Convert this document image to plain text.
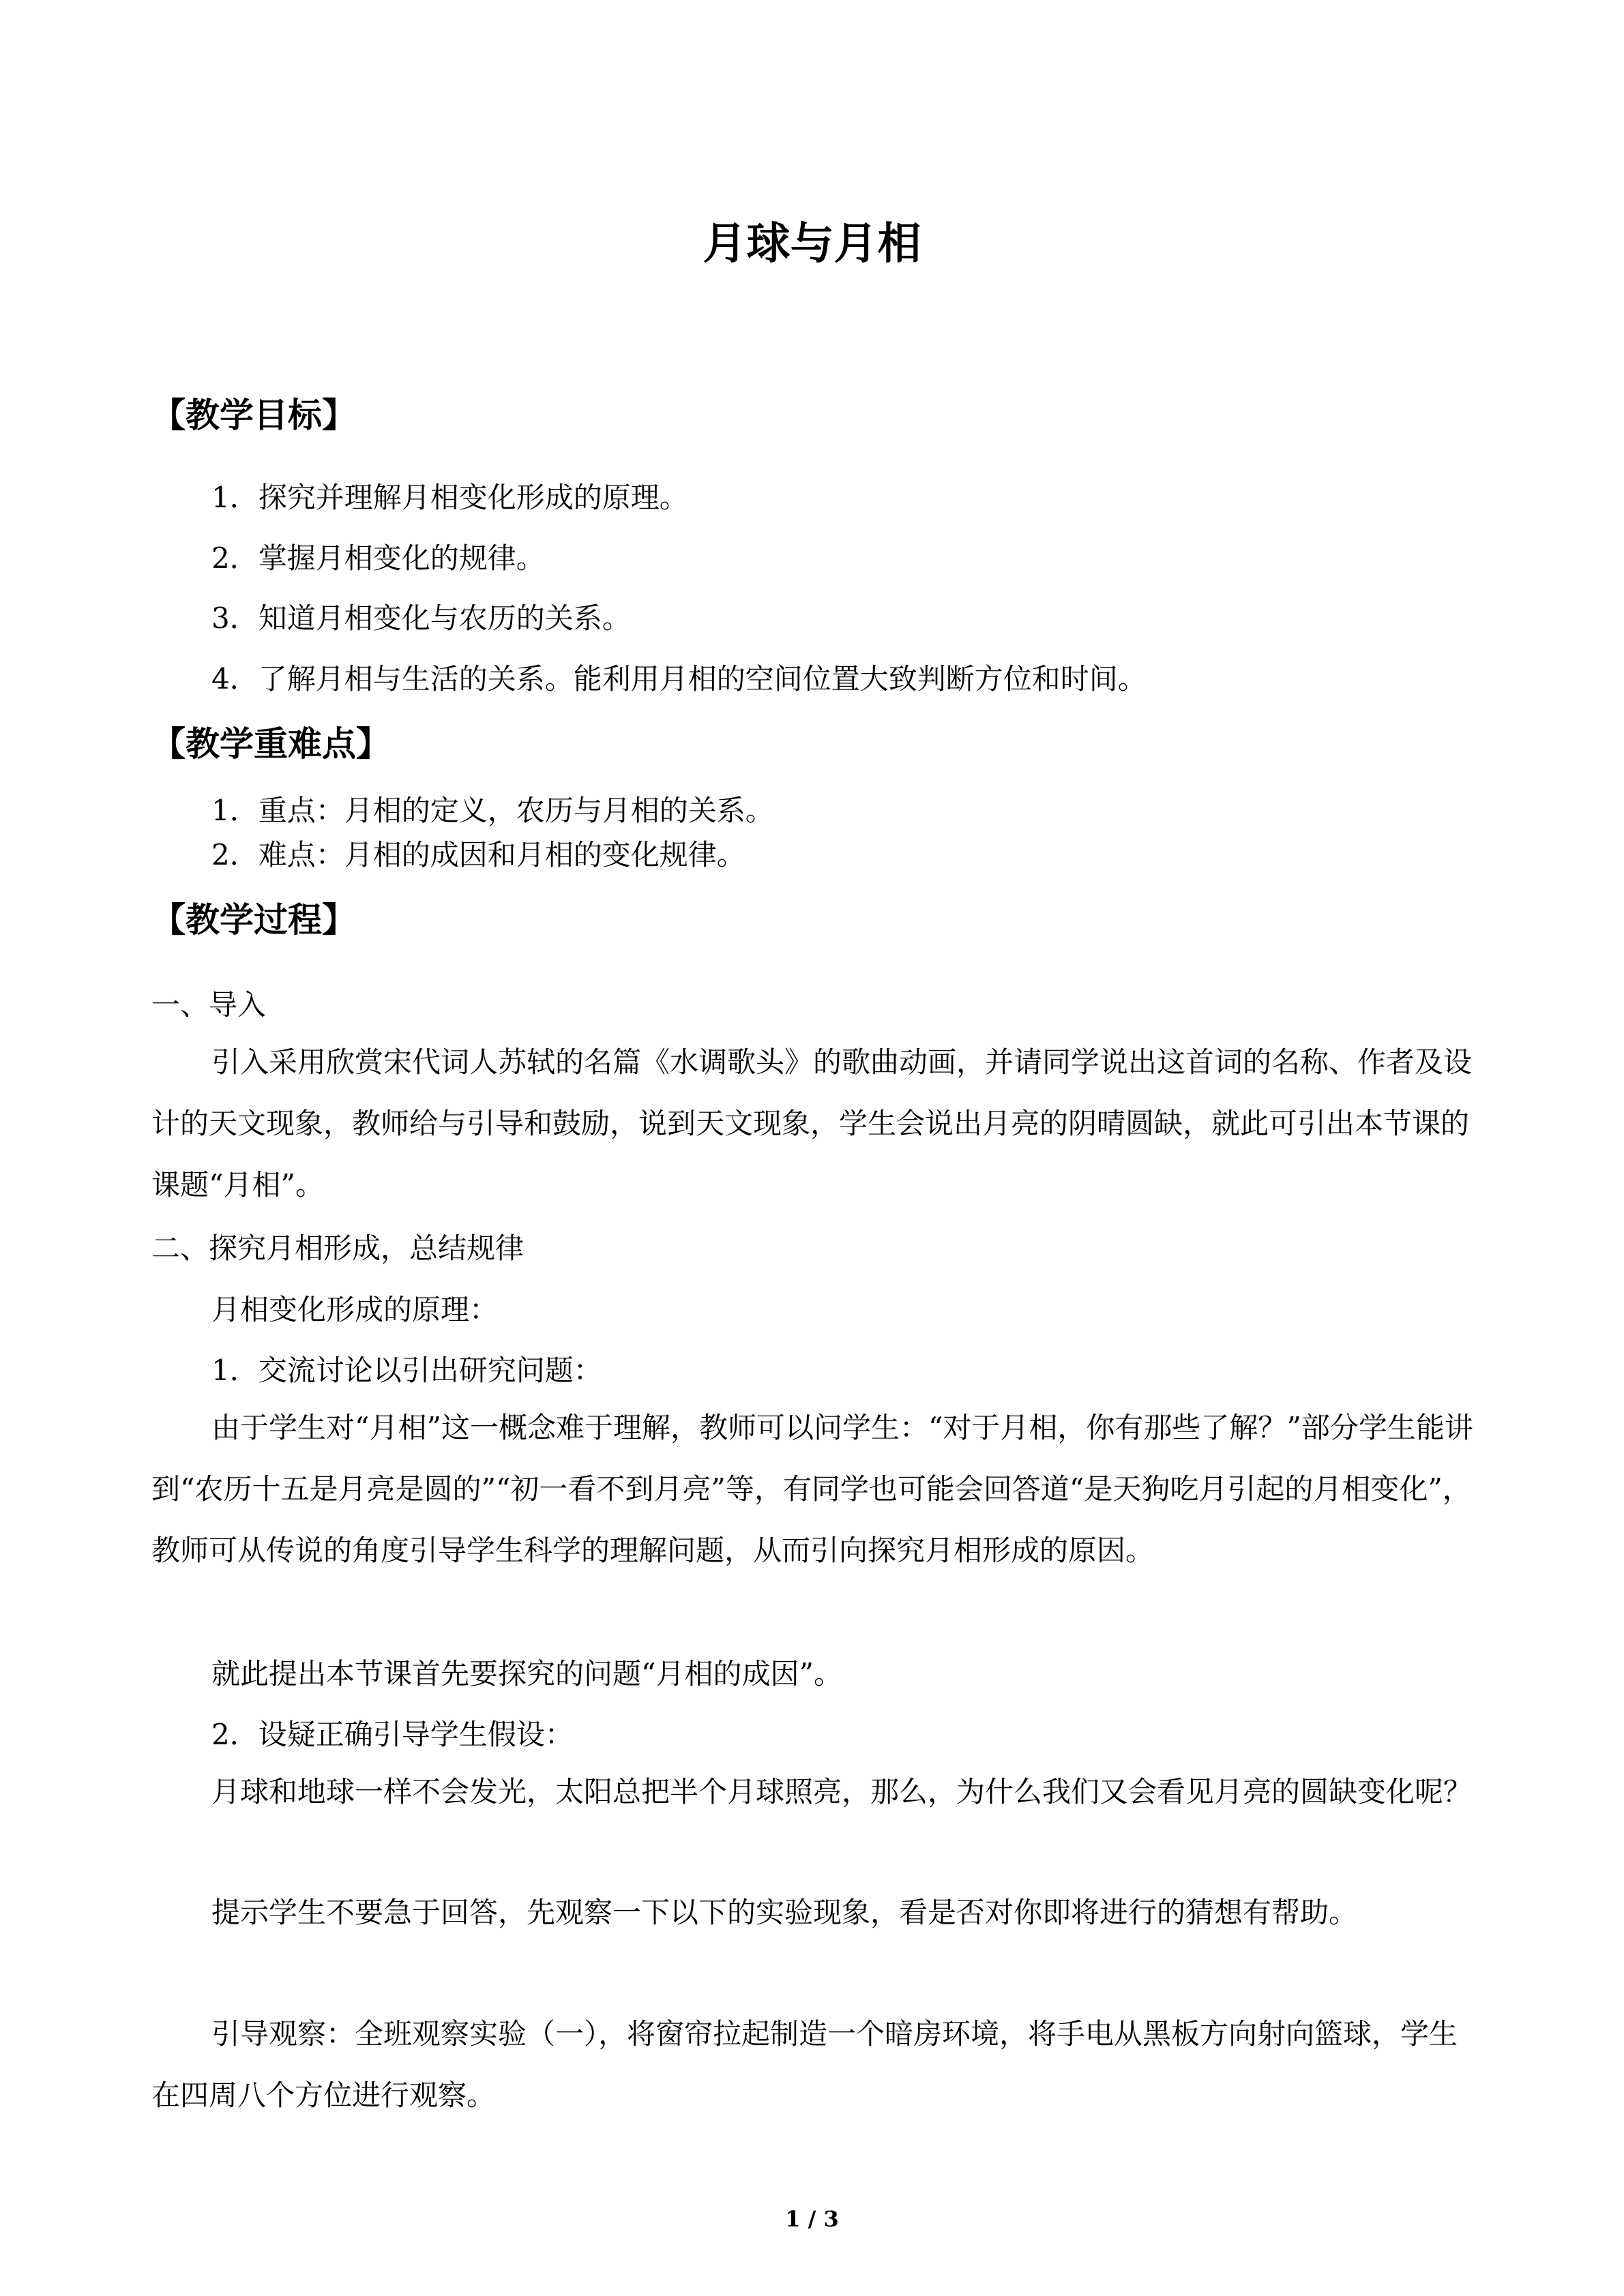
月球与月相
【教学目标】
1．探究并理解月相变化形成的原理。
2．掌握月相变化的规律。
3．知道月相变化与农历的关系。
4．了解月相与生活的关系。能利用月相的空间位置大致判断方位和时间。
【教学重难点】
1．重点：月相的定义，农历与月相的关系。
2．难点：月相的成因和月相的变化规律。
【教学过程】
一、导入
引入采用欣赏宋代词人苏轼的名篇《水调歌头》的歌曲动画，并请同学说出这首词的名称、作者及设计的天文现象，教师给与引导和鼓励，说到天文现象，学生会说出月亮的阴晴圆缺，就此可引出本节课的课题“月相”。
二、探究月相形成，总结规律
月相变化形成的原理：
1．交流讨论以引出研究问题：
由于学生对“月相”这一概念难于理解，教师可以问学生：“对于月相，你有那些了解？”部分学生能讲到“农历十五是月亮是圆的”“初一看不到月亮”等，有同学也可能会回答道“是天狗吃月引起的月相变化”，教师可从传说的角度引导学生科学的理解问题，从而引向探究月相形成的原因。
就此提出本节课首先要探究的问题“月相的成因”。
2．设疑正确引导学生假设：
月球和地球一样不会发光，太阳总把半个月球照亮，那么，为什么我们又会看见月亮的圆缺变化呢？
提示学生不要急于回答，先观察一下以下的实验现象，看是否对你即将进行的猜想有帮助。
引导观察：全班观察实验（一），将窗帘拉起制造一个暗房环境，将手电从黑板方向射向篮球，学生在四周八个方位进行观察。
1 / 3
